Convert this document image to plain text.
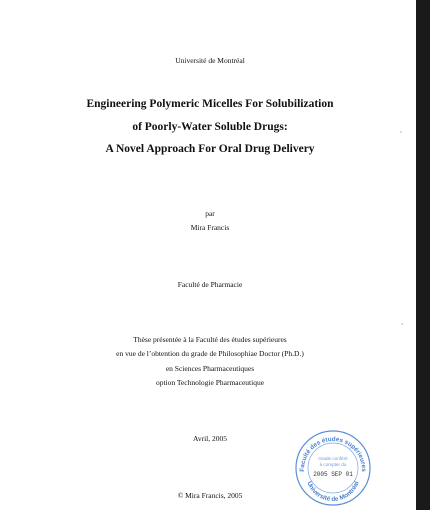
Université de Montréal
Engineering Polymeric Micelles For Solubilization
of Poorly-Water Soluble Drugs:
A Novel Approach For Oral Drug Delivery
par
Mira Francis
Faculté de Pharmacie
Thèse présentée à la Faculté des études supérieures
en vue de l’obtention du grade de Philosophiae Doctor (Ph.D.)
en Sciences Pharmaceutiques
option Technologie Pharmaceutique
Avril, 2005
© Mira Francis, 2005
Faculté des études supérieures
Université de Montréal
Grade conféré
à compter du
2005 SEP 01
